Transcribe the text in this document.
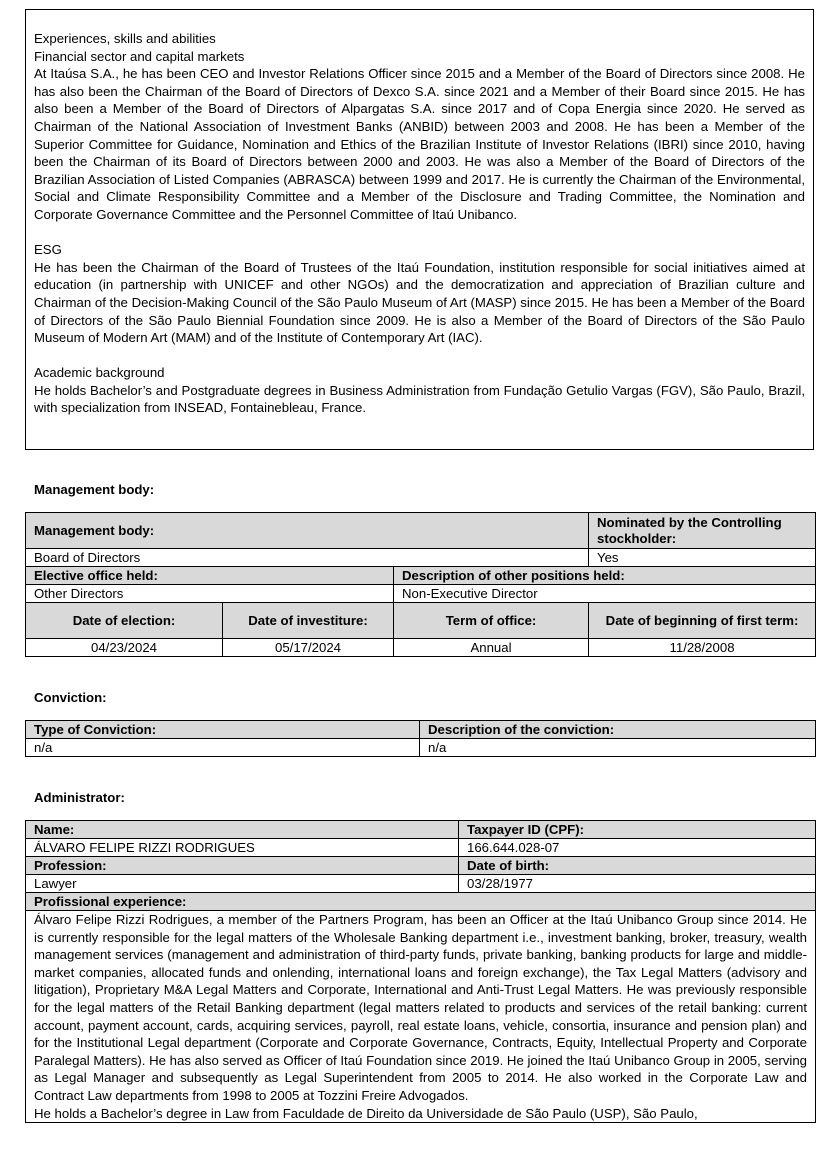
Experiences, skills and abilities

Financial sector and capital markets

At Itaúsa S.A., he has been CEO and Investor Relations Officer since 2015 and a Member of the Board of Directors since 2008. He has also been the Chairman of the Board of Directors of Dexco S.A. since 2021 and a Member of their Board since 2015. He has also been a Member of the Board of Directors of Alpargatas S.A. since 2017 and of Copa Energia since 2020. He served as Chairman of the National Association of Investment Banks (ANBID) between 2003 and 2008. He has been a Member of the Superior Committee for Guidance, Nomination and Ethics of the Brazilian Institute of Investor Relations (IBRI) since 2010, having been the Chairman of its Board of Directors between 2000 and 2003. He was also a Member of the Board of Directors of the Brazilian Association of Listed Companies (ABRASCA) between 1999 and 2017. He is currently the Chairman of the Environmental, Social and Climate Responsibility Committee and a Member of the Disclosure and Trading Committee, the Nomination and Corporate Governance Committee and the Personnel Committee of Itaú Unibanco.

ESG

He has been the Chairman of the Board of Trustees of the Itaú Foundation, institution responsible for social initiatives aimed at education (in partnership with UNICEF and other NGOs) and the democratization and appreciation of Brazilian culture and Chairman of the Decision-Making Council of the São Paulo Museum of Art (MASP) since 2015. He has been a Member of the Board of Directors of the São Paulo Biennial Foundation since 2009. He is also a Member of the Board of Directors of the São Paulo Museum of Modern Art (MAM) and of the Institute of Contemporary Art (IAC).

Academic background

He holds Bachelor’s and Postgraduate degrees in Business Administration from Fundação Getulio Vargas (FGV), São Paulo, Brazil, with specialization from INSEAD, Fontainebleau, France.

Management body:
Management body:			Nominated by the Controlling stockholder:
Board of Directors			Yes
Elective office held:		Description of other positions held:	
Other Directors		Non-Executive Director	
Date of election:	Date of investiture:	Term of office:	Date of beginning of first term:
04/23/2024	05/17/2024	Annual	11/28/2008
Conviction:
Type of Conviction:	Description of the conviction:
n/a	n/a
Administrator:
Name:	Taxpayer ID (CPF):
ÁLVARO FELIPE RIZZI RODRIGUES	166.644.028-07
Profession:	Date of birth:
Lawyer	03/28/1977
Profissional experience:	

Álvaro Felipe Rizzi Rodrigues, a member of the Partners Program, has been an Officer at the Itaú Unibanco Group since 2014. He is currently responsible for the legal matters of the Wholesale Banking department i.e., investment banking, broker, treasury, wealth management services (management and administration of third-party funds, private banking, banking products for large and middle-market companies, allocated funds and onlending, international loans and foreign exchange), the Tax Legal Matters (advisory and litigation), Proprietary M&A Legal Matters and Corporate, International and Anti-Trust Legal Matters. He was previously responsible for the legal matters of the Retail Banking department (legal matters related to products and services of the retail banking: current account, payment account, cards, acquiring services, payroll, real estate loans, vehicle, consortia, insurance and pension plan) and for the Institutional Legal department (Corporate and Corporate Governance, Contracts, Equity, Intellectual Property and Corporate Paralegal Matters). He has also served as Officer of Itaú Foundation since 2019. He joined the Itaú Unibanco Group in 2005, serving as Legal Manager and subsequently as Legal Superintendent from 2005 to 2014. He also worked in the Corporate Law and Contract Law departments from 1998 to 2005 at Tozzini Freire Advogados.
He holds a Bachelor’s degree in Law from Faculdade de Direito da Universidade de São Paulo (USP), São Paulo,	
